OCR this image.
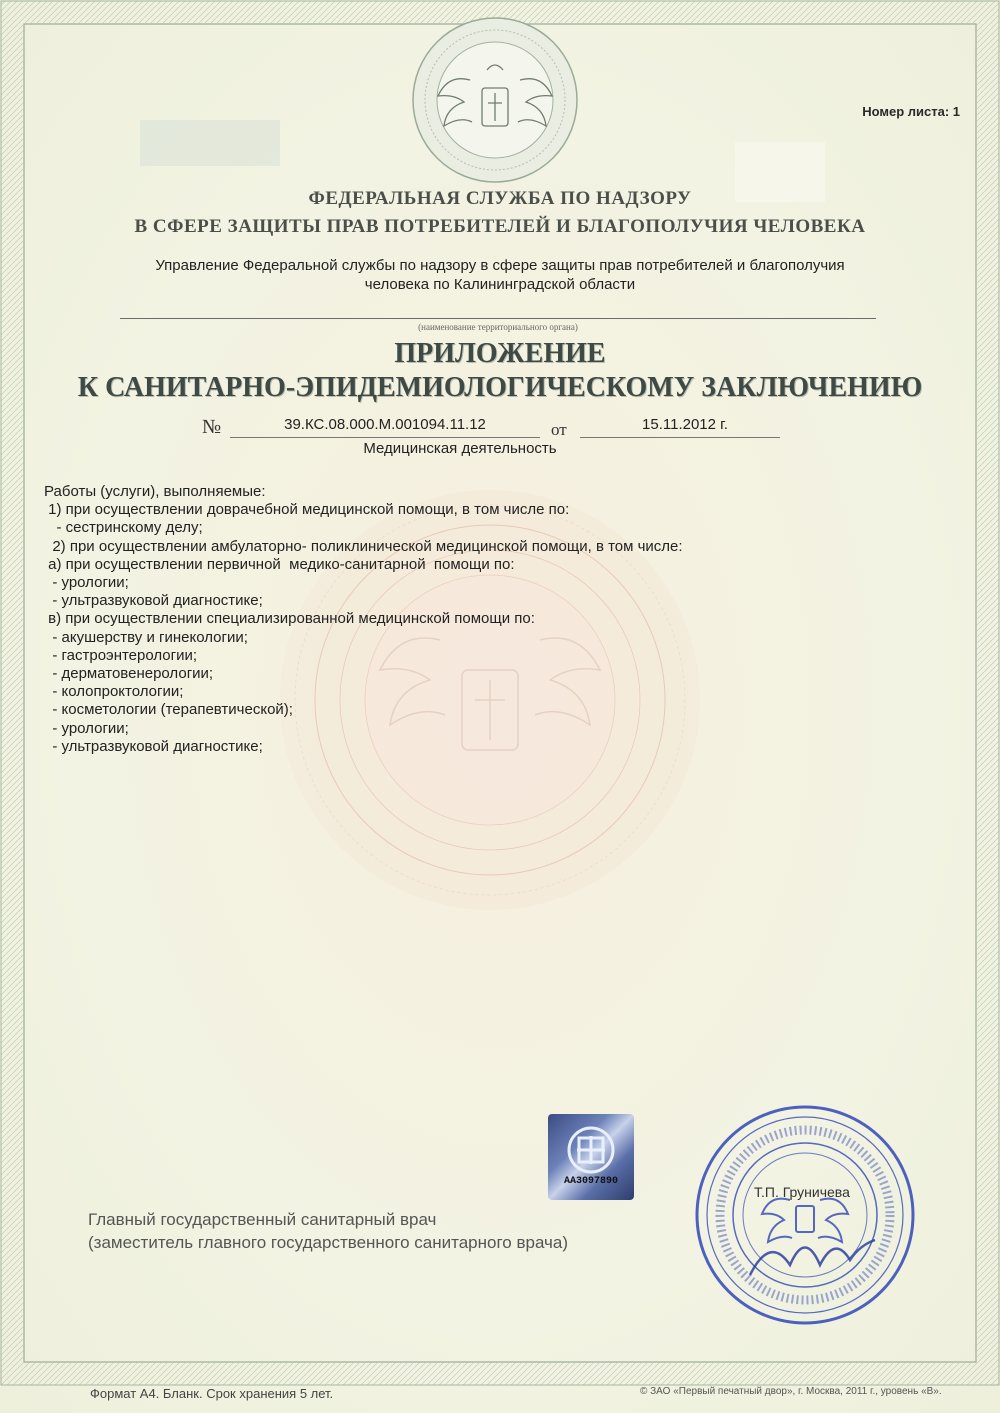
Номер листа: 1
ФЕДЕРАЛЬНАЯ СЛУЖБА ПО НАДЗОРУ
В СФЕРЕ ЗАЩИТЫ ПРАВ ПОТРЕБИТЕЛЕЙ И БЛАГОПОЛУЧИЯ ЧЕЛОВЕКА
Управление Федеральной службы по надзору в сфере защиты прав потребителей и благополучия
человека по Калининградской области
(наименование территориального органа)
ПРИЛОЖЕНИЕ
К САНИТАРНО-ЭПИДЕМИОЛОГИЧЕСКОМУ ЗАКЛЮЧЕНИЮ
№	39.КС.08.000.М.001094.11.12	от	15.11.2012 г.
Медицинская деятельность
Работы (услуги), выполняемые:
1) при осуществлении доврачебной медицинской помощи, в том числе по:
- сестринскому делу;
2) при осуществлении амбулаторно- поликлинической медицинской помощи, в том числе:
а) при осуществлении первичной  медико-санитарной  помощи по:
- урологии;
- ультразвуковой диагностике;
в) при осуществлении специализированной медицинской помощи по:
- акушерству и гинекологии;
- гастроэнтерологии;
- дерматовенерологии;
- колопроктологии;
- косметологии (терапевтической);
- урологии;
- ультразвуковой диагностике;
АА3097890
Главный государственный санитарный врач
(заместитель главного государственного санитарного врача)
Т.П. Груничева
Формат А4. Бланк. Срок хранения 5 лет.	© ЗАО «Первый печатный двор», г. Москва, 2011 г., уровень «В».
